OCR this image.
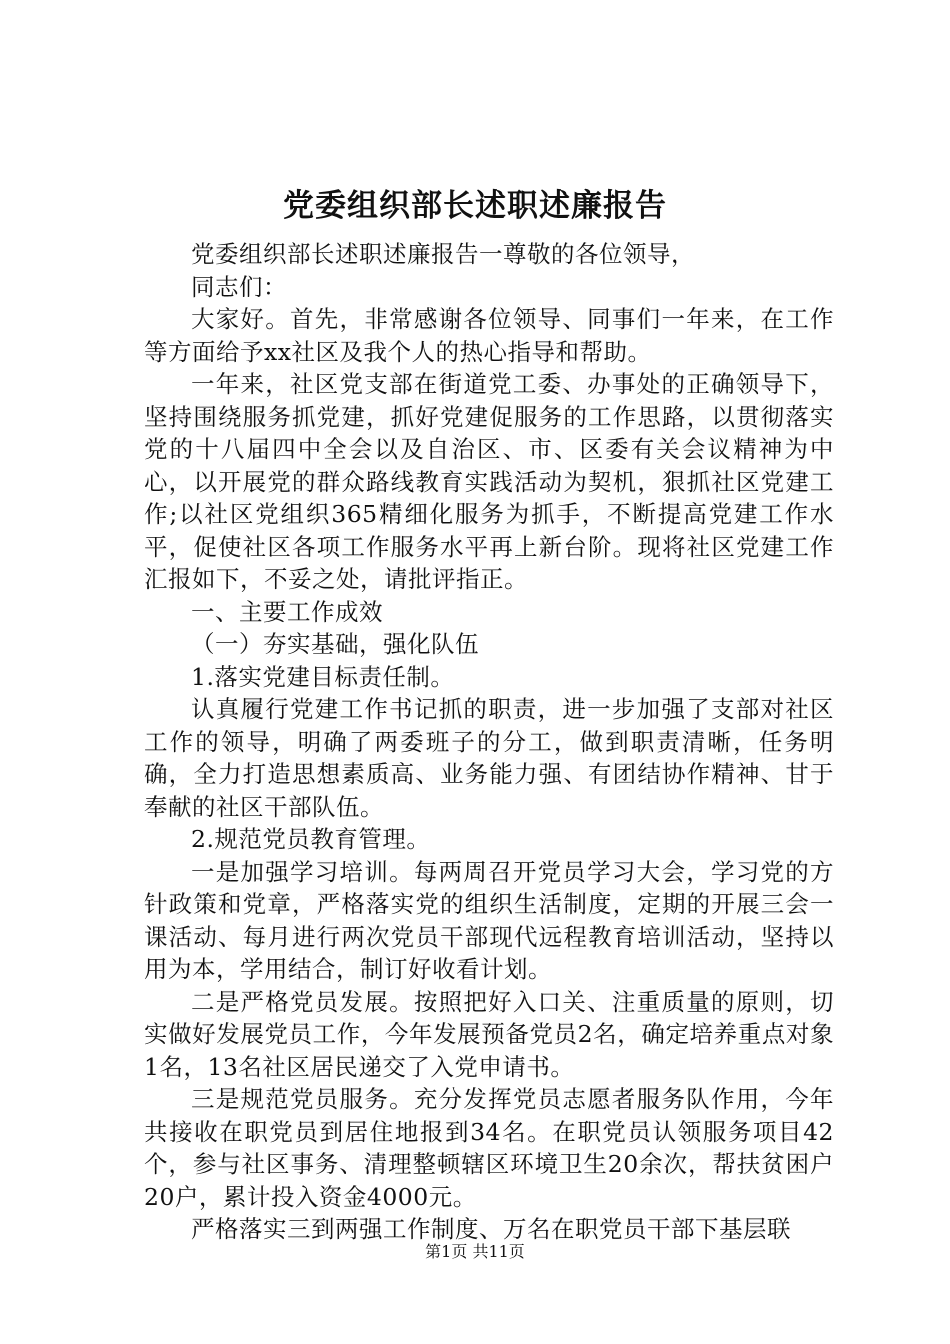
党委组织部长述职述廉报告

党委组织部长述职述廉报告一尊敬的各位领导，

同志们：

大家好。首先，非常感谢各位领导、同事们一年来，在工作等方面给予xx社区及我个人的热心指导和帮助。

一年来，社区党支部在街道党工委、办事处的正确领导下，坚持围绕服务抓党建，抓好党建促服务的工作思路，以贯彻落实党的十八届四中全会以及自治区、市、区委有关会议精神为中心，以开展党的群众路线教育实践活动为契机，狠抓社区党建工作;以社区党组织365精细化服务为抓手，不断提高党建工作水平，促使社区各项工作服务水平再上新台阶。现将社区党建工作汇报如下，不妥之处，请批评指正。

一、主要工作成效

（一）夯实基础，强化队伍

1.落实党建目标责任制。

认真履行党建工作书记抓的职责，进一步加强了支部对社区工作的领导，明确了两委班子的分工，做到职责清晰，任务明确，全力打造思想素质高、业务能力强、有团结协作精神、甘于奉献的社区干部队伍。

2.规范党员教育管理。

一是加强学习培训。每两周召开党员学习大会，学习党的方针政策和党章，严格落实党的组织生活制度，定期的开展三会一课活动、每月进行两次党员干部现代远程教育培训活动，坚持以用为本，学用结合，制订好收看计划。

二是严格党员发展。按照把好入口关、注重质量的原则，切实做好发展党员工作，今年发展预备党员2名，确定培养重点对象1名，13名社区居民递交了入党申请书。

三是规范党员服务。充分发挥党员志愿者服务队作用，今年共接收在职党员到居住地报到34名。在职党员认领服务项目42个，参与社区事务、清理整顿辖区环境卫生20余次，帮扶贫困户20户，累计投入资金4000元。

严格落实三到两强工作制度、万名在职党员干部下基层联

第1页 共11页
